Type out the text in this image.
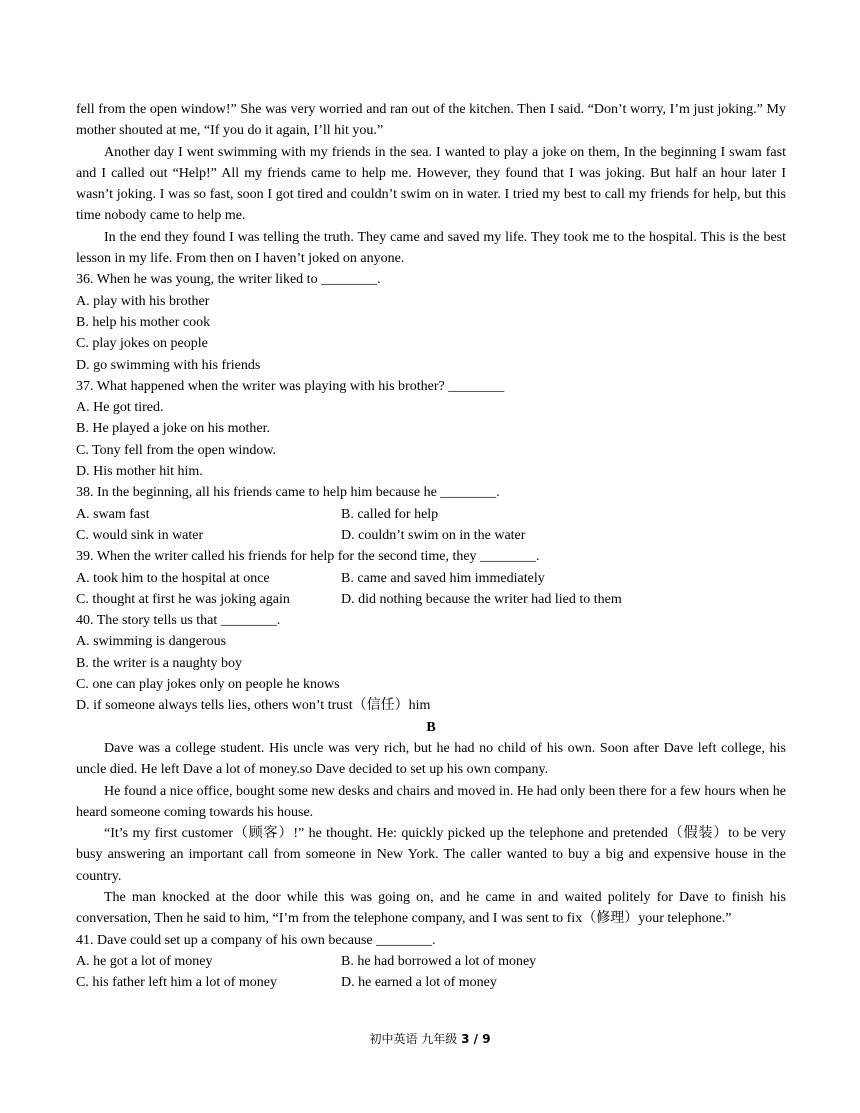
fell from the open window!” She was very worried and ran out of the kitchen. Then I said. “Don’t worry, I’m just joking.” My mother shouted at me, “If you do it again, I’ll hit you.”

Another day I went swimming with my friends in the sea. I wanted to play a joke on them, In the beginning I swam fast and I called out “Help!” All my friends came to help me. However, they found that I was joking. But half an hour later I wasn’t joking. I was so fast, soon I got tired and couldn’t swim on in water. I tried my best to call my friends for help, but this time nobody came to help me.

In the end they found I was telling the truth. They came and saved my life. They took me to the hospital. This is the best lesson in my life. From then on I haven’t joked on anyone.

36. When he was young, the writer liked to ________.

A. play with his brother

B. help his mother cook

C. play jokes on people

D. go swimming with his friends

37. What happened when the writer was playing with his brother? ________

A. He got tired.

B. He played a joke on his mother.

C. Tony fell from the open window.

D. His mother hit him.

38. In the beginning, all his friends came to help him because he ________.

A. swam fast	B. called for help
C. would sink in water	D. couldn’t swim on in the water

39. When the writer called his friends for help for the second time, they ________.

A. took him to the hospital at once	B. came and saved him immediately
C. thought at first he was joking again	D. did nothing because the writer had lied to them

40. The story tells us that ________.

A. swimming is dangerous

B. the writer is a naughty boy

C. one can play jokes only on people he knows

D. if someone always tells lies, others won’t trust（信任）him

B

Dave was a college student. His uncle was very rich, but he had no child of his own. Soon after Dave left college, his uncle died. He left Dave a lot of money.so Dave decided to set up his own company.

He found a nice office, bought some new desks and chairs and moved in. He had only been there for a few hours when he heard someone coming towards his house.

“It’s my first customer（顾客）!” he thought. He: quickly picked up the telephone and pretended（假装）to be very busy answering an important call from someone in New York. The caller wanted to buy a big and expensive house in the country.

The man knocked at the door while this was going on, and he came in and waited politely for Dave to finish his conversation, Then he said to him, “I’m from the telephone company, and I was sent to fix（修理）your telephone.”

41. Dave could set up a company of his own because ________.

A. he got a lot of money	B. he had borrowed a lot of money
C. his father left him a lot of money	D. he earned a lot of money
初中英语 九年级 3 / 9
